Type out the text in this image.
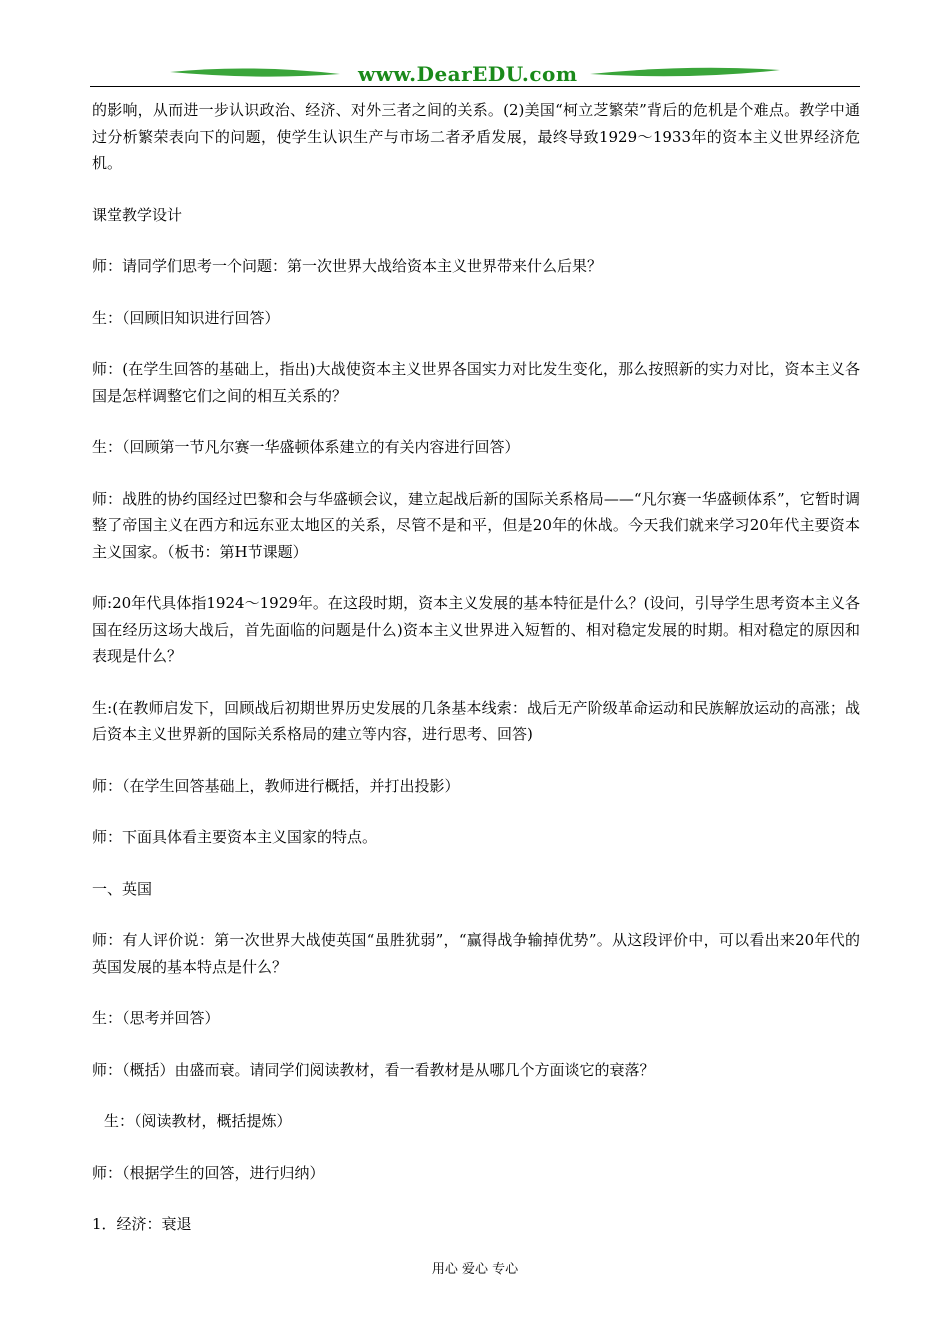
www.DearEDU.com

的影响，从而进一步认识政治、经济、对外三者之间的关系。(2)美国“柯立芝繁荣”背后的危机是个难点。教学中通过分析繁荣表向下的问题，使学生认识生产与市场二者矛盾发展，最终导致1929～1933年的资本主义世界经济危机。

课堂教学设计

师：请同学们思考一个问题：第一次世界大战给资本主义世界带来什么后果？

生：（回顾旧知识进行回答）

师：(在学生回答的基础上，指出)大战使资本主义世界各国实力对比发生变化，那么按照新的实力对比，资本主义各国是怎样调整它们之间的相互关系的？

生：（回顾第一节凡尔赛一华盛顿体系建立的有关内容进行回答）

师：战胜的协约国经过巴黎和会与华盛顿会议，建立起战后新的国际关系格局——“凡尔赛一华盛顿体系”，它暂时调整了帝国主义在西方和远东亚太地区的关系，尽管不是和平，但是20年的休战。今天我们就来学习20年代主要资本主义国家。（板书：第H节课题）

师:20年代具体指1924～1929年。在这段时期，资本主义发展的基本特征是什么？(设问，引导学生思考资本主义各国在经历这场大战后，首先面临的问题是什么)资本主义世界进入短暂的、相对稳定发展的时期。相对稳定的原因和表现是什么？

生:(在教师启发下，回顾战后初期世界历史发展的几条基本线索：战后无产阶级革命运动和民族解放运动的高涨；战后资本主义世界新的国际关系格局的建立等内容，进行思考、回答)

师：（在学生回答基础上，教师进行概括，并打出投影）

师：下面具体看主要资本主义国家的特点。

一、英国

师：有人评价说：第一次世界大战使英国“虽胜犹弱”，“赢得战争输掉优势”。从这段评价中，可以看出来20年代的英国发展的基本特点是什么？

生：（思考并回答）

师：（概括）由盛而衰。请同学们阅读教材，看一看教材是从哪几个方面谈它的衰落？

生：（阅读教材，概括提炼）

师：（根据学生的回答，进行归纳）

1．经济：衰退

用心 爱心 专心
